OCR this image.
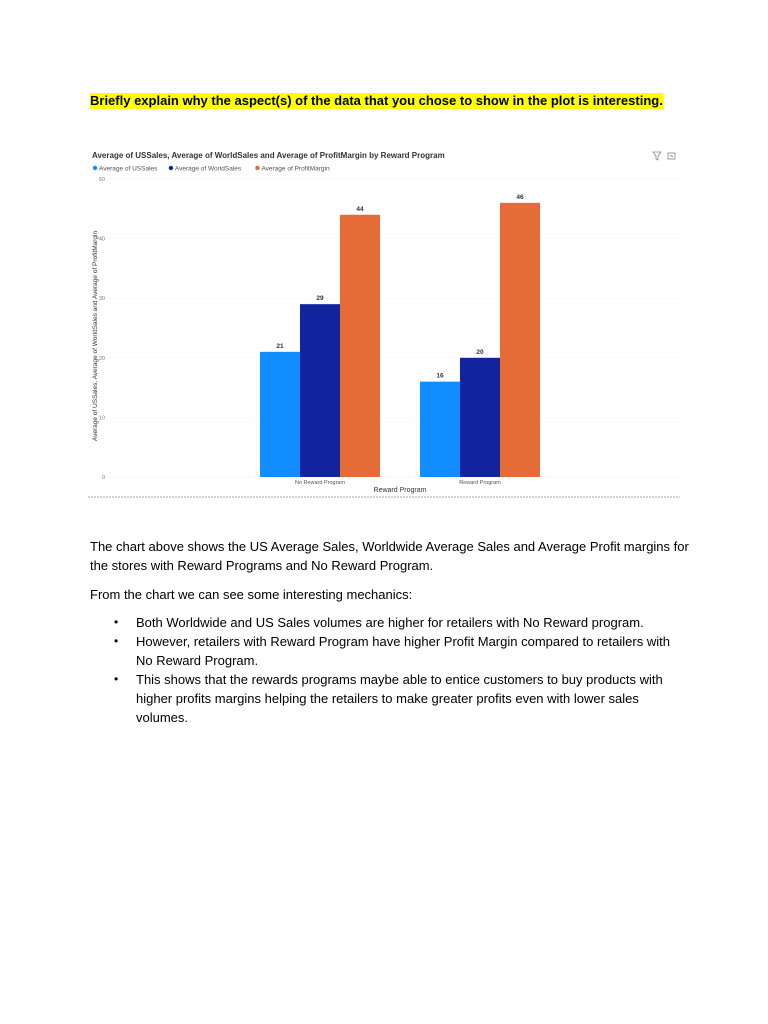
Briefly explain why the aspect(s) of the data that you chose to show in the plot is interesting.
Average of USSales, Average of WorldSales and Average of ProfitMargin by Reward Program
Average of USSales	Average of WorldSales	Average of ProfitMargin
0
10
20
30
40
50
21
29
44
16
20
46
No Reward Program	Reward Program
Average of USSales, Average of WorldSales and Average of ProfitMargin
Reward Program
The chart above shows the US Average Sales, Worldwide Average Sales and Average Profit margins for the stores with Reward Programs and No Reward Program.
From the chart we can see some interesting mechanics:
• Both Worldwide and US Sales volumes are higher for retailers with No Reward program.
• However, retailers with Reward Program have higher Profit Margin compared to retailers with No Reward Program.
• This shows that the rewards programs maybe able to entice customers to buy products with higher profits margins helping the retailers to make greater profits even with lower sales volumes.
